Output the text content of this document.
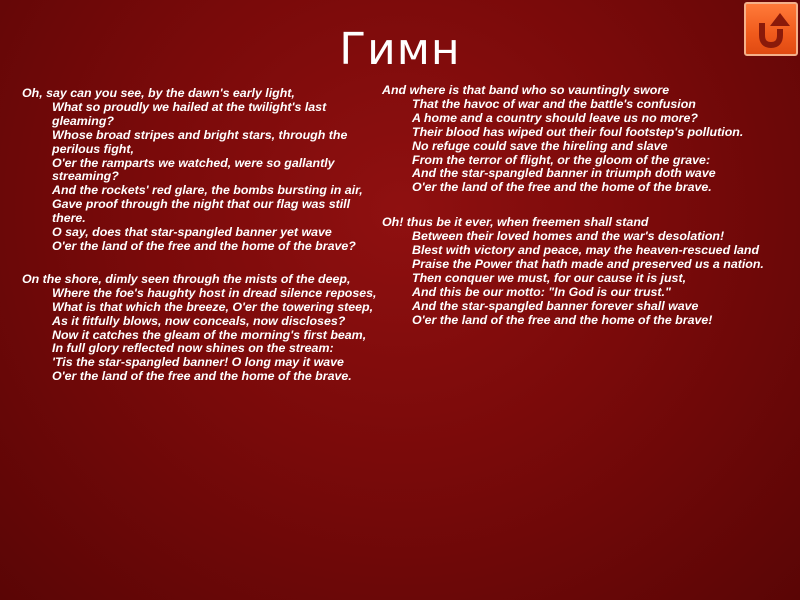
Гимн
Oh, say can you see, by the dawn's early light,
What so proudly we hailed at the twilight's last gleaming?
Whose broad stripes and bright stars, through the perilous fight,
O'er the ramparts we watched, were so gallantly streaming?
And the rockets' red glare, the bombs bursting in air,
Gave proof through the night that our flag was still there.
O say, does that star-spangled banner yet wave
O'er the land of the free and the home of the brave?
On the shore, dimly seen through the mists of the deep,
Where the foe's haughty host in dread silence reposes,
What is that which the breeze, O'er the towering steep,
As it fitfully blows, now conceals, now discloses?
Now it catches the gleam of the morning's first beam,
In full glory reflected now shines on the stream:
'Tis the star-spangled banner! O long may it wave
O'er the land of the free and the home of the brave.
And where is that band who so vauntingly swore
That the havoc of war and the battle's confusion
A home and a country should leave us no more?
Their blood has wiped out their foul footstep's pollution.
No refuge could save the hireling and slave
From the terror of flight, or the gloom of the grave:
And the star-spangled banner in triumph doth wave
O'er the land of the free and the home of the brave.
Oh! thus be it ever, when freemen shall stand
Between their loved homes and the war's desolation!
Blest with victory and peace, may the heaven-rescued land
Praise the Power that hath made and preserved us a nation.
Then conquer we must, for our cause it is just,
And this be our motto: "In God is our trust."
And the star-spangled banner forever shall wave
O'er the land of the free and the home of the brave!
